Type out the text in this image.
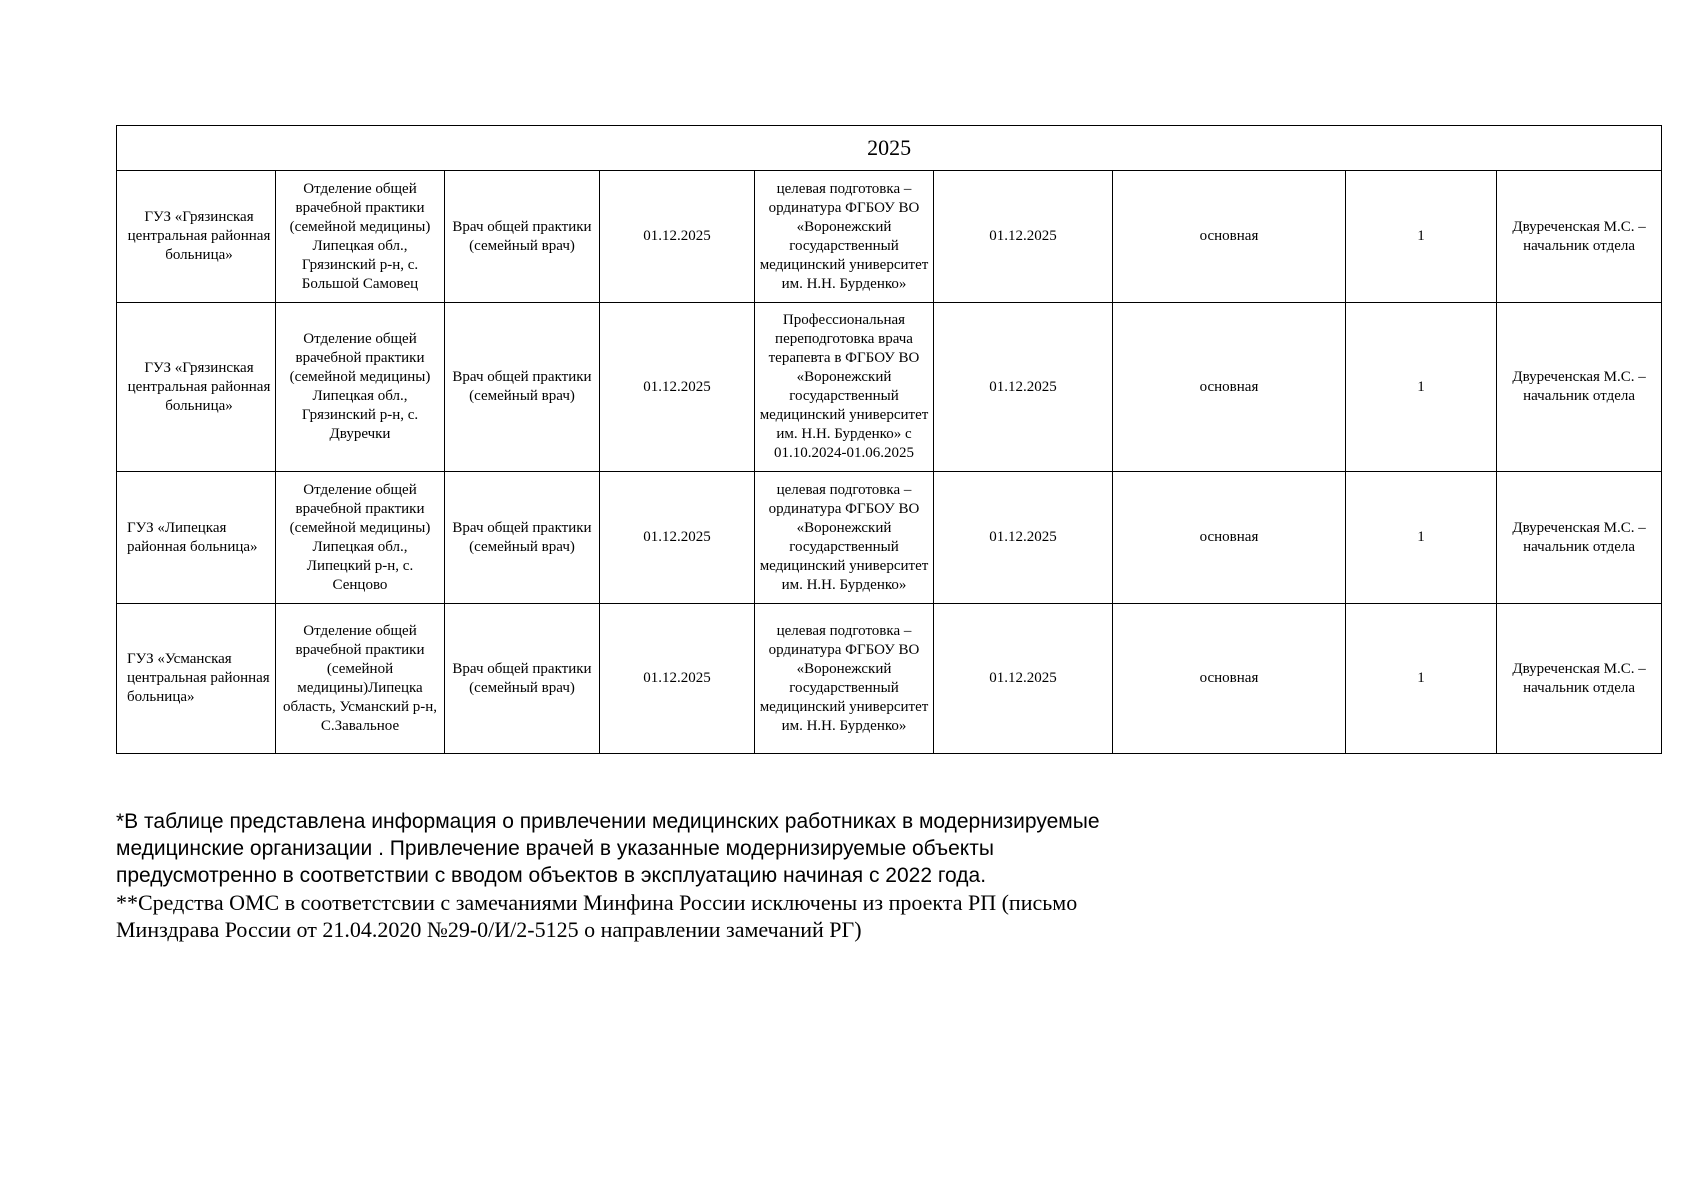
2025								
ГУЗ «Грязинская центральная районная больница»	Отделение общей врачебной практики (семейной медицины) Липецкая обл., Грязинский р-н, с. Большой Самовец	Врач общей практики (семейный врач)	01.12.2025	целевая подготовка – ординатура ФГБОУ ВО «Воронежский государственный медицинский университет им. Н.Н. Бурденко»	01.12.2025	основная	1	Двуреченская М.С. – начальник отдела
ГУЗ «Грязинская центральная районная больница»	Отделение общей врачебной практики (семейной медицины) Липецкая обл., Грязинский р-н, с. Двуречки	Врач общей практики (семейный врач)	01.12.2025	Профессиональная переподготовка врача терапевта в ФГБОУ ВО «Воронежский государственный медицинский университет им. Н.Н. Бурденко» с 01.10.2024-01.06.2025	01.12.2025	основная	1	Двуреченская М.С. – начальник отдела
ГУЗ «Липецкая районная больница»	Отделение общей врачебной практики (семейной медицины) Липецкая обл., Липецкий р-н, с. Сенцово	Врач общей практики (семейный врач)	01.12.2025	целевая подготовка – ординатура ФГБОУ ВО «Воронежский государственный медицинский университет им. Н.Н. Бурденко»	01.12.2025	основная	1	Двуреченская М.С. – начальник отдела
ГУЗ «Усманская центральная районная больница»	Отделение общей врачебной практики (семейной медицины)Липецка область, Усманский р-н, С.Завальное	Врач общей практики (семейный врач)	01.12.2025	целевая подготовка – ординатура ФГБОУ ВО «Воронежский государственный медицинский университет им. Н.Н. Бурденко»	01.12.2025	основная	1	Двуреченская М.С. – начальник отдела

*В таблице представлена информация о привлечении медицинских работниках в модернизируемые

медицинские организации . Привлечение врачей в указанные модернизируемые объекты

предусмотренно в соответствии с вводом объектов в эксплуатацию начиная с 2022 года.

**Средства ОМС в соответстсвии с замечаниями Минфина России исключены из проекта РП (письмо

Минздрава России от 21.04.2020 №29-0/И/2-5125 о направлении замечаний РГ)
